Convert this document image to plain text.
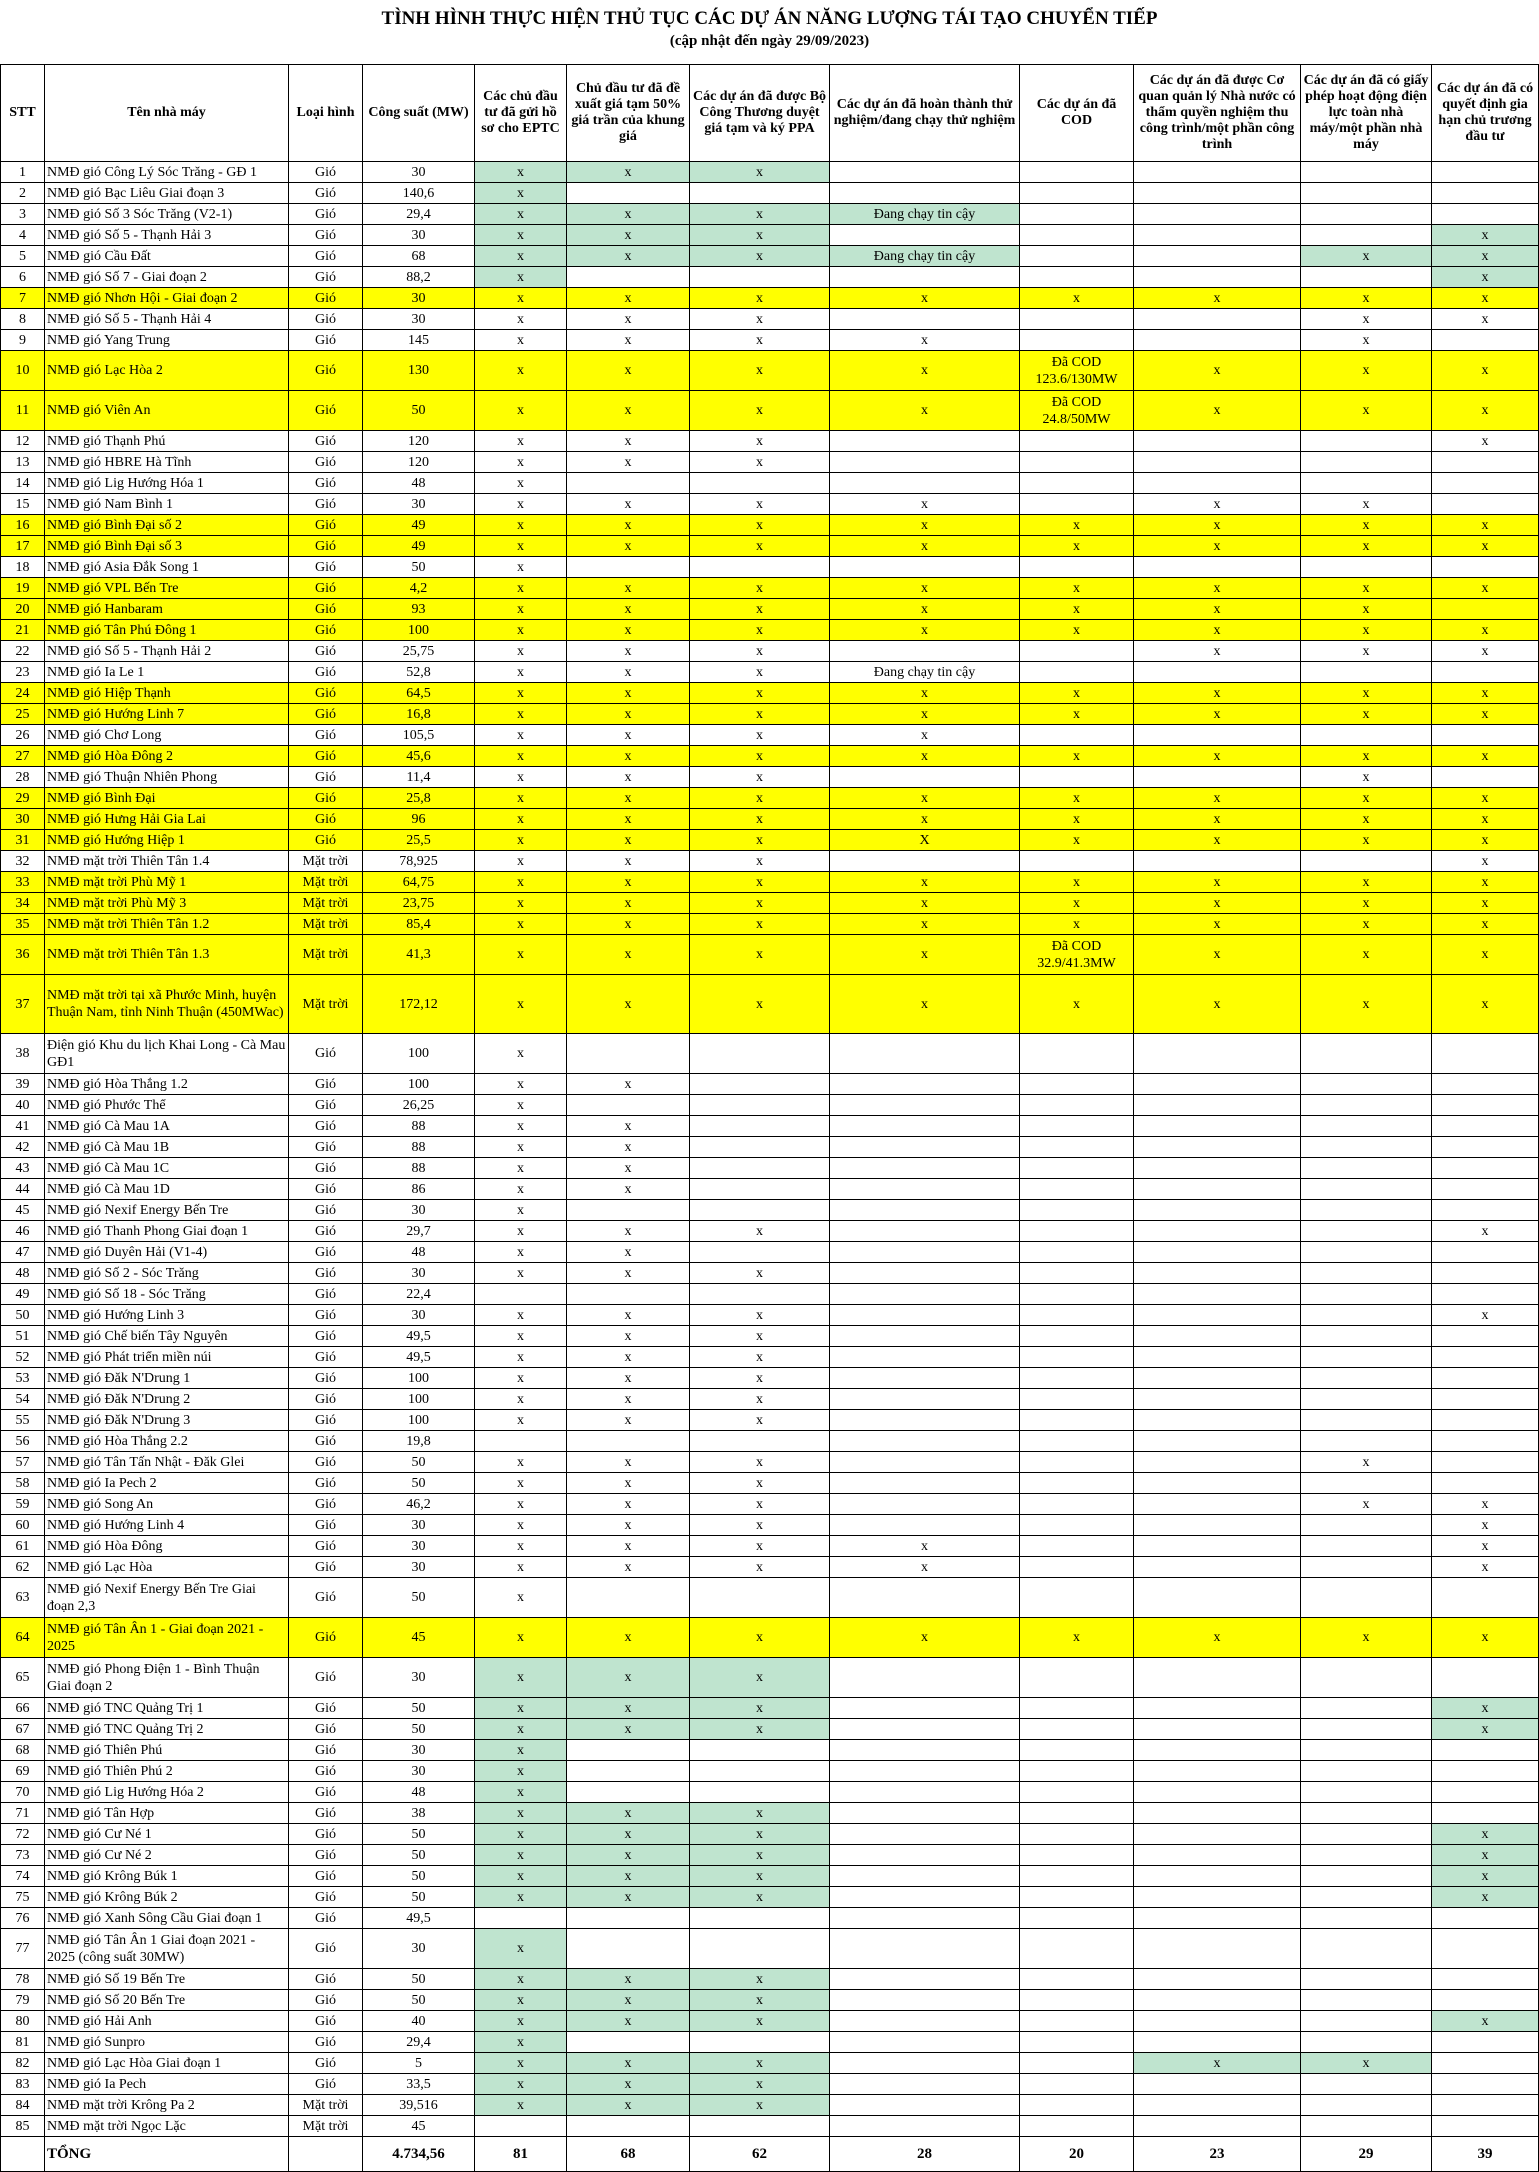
TÌNH HÌNH THỰC HIỆN THỦ TỤC CÁC DỰ ÁN NĂNG LƯỢNG TÁI TẠO CHUYỂN TIẾP
(cập nhật đến ngày 29/09/2023)
STT	Tên nhà máy	Loại hình	Công suất (MW)	Các chủ đầu tư đã gửi hồ sơ cho EPTC	Chủ đầu tư đã đề xuất giá tạm 50% giá trần của khung giá	Các dự án đã được Bộ Công Thương duyệt giá tạm và ký PPA	Các dự án đã hoàn thành thử nghiệm/đang chạy thử nghiệm	Các dự án đã COD	Các dự án đã được Cơ quan quản lý Nhà nước có thẩm quyền nghiệm thu công trình/một phần công trình	Các dự án đã có giấy phép hoạt động điện lực toàn nhà máy/một phần nhà máy	Các dự án đã có quyết định gia hạn chủ trương đầu tư
1	NMĐ gió Công Lý Sóc Trăng - GĐ 1	Gió	30	x	x	x					
2	NMĐ gió Bạc Liêu Giai đoạn 3	Gió	140,6	x							
3	NMĐ gió Số 3 Sóc Trăng (V2-1)	Gió	29,4	x	x	x	Đang chạy tin cậy				
4	NMĐ gió Số 5 - Thạnh Hải 3	Gió	30	x	x	x					x
5	NMĐ gió Cầu Đất	Gió	68	x	x	x	Đang chạy tin cậy			x	x
6	NMĐ gió Số 7 - Giai đoạn 2	Gió	88,2	x							x
7	NMĐ gió Nhơn Hội - Giai đoạn 2	Gió	30	x	x	x	x	x	x	x	x
8	NMĐ gió Số 5 - Thạnh Hải 4	Gió	30	x	x	x				x	x
9	NMĐ gió Yang Trung	Gió	145	x	x	x	x			x	
10	NMĐ gió Lạc Hòa 2	Gió	130	x	x	x	x	Đã COD 123.6/130MW	x	x	x
11	NMĐ gió Viên An	Gió	50	x	x	x	x	Đã COD 24.8/50MW	x	x	x
12	NMĐ gió Thạnh Phú	Gió	120	x	x	x					x
13	NMĐ gió HBRE Hà Tĩnh	Gió	120	x	x	x					
14	NMĐ gió Lig Hướng Hóa 1	Gió	48	x							
15	NMĐ gió Nam Bình 1	Gió	30	x	x	x	x		x	x	
16	NMĐ gió Bình Đại số 2	Gió	49	x	x	x	x	x	x	x	x
17	NMĐ gió Bình Đại số 3	Gió	49	x	x	x	x	x	x	x	x
18	NMĐ gió Asia Đắk Song 1	Gió	50	x							
19	NMĐ gió VPL Bến Tre	Gió	4,2	x	x	x	x	x	x	x	x
20	NMĐ gió Hanbaram	Gió	93	x	x	x	x	x	x	x	
21	NMĐ gió Tân Phú Đông 1	Gió	100	x	x	x	x	x	x	x	x
22	NMĐ gió Số 5 - Thạnh Hải 2	Gió	25,75	x	x	x			x	x	x
23	NMĐ gió Ia Le 1	Gió	52,8	x	x	x	Đang chạy tin cậy				
24	NMĐ gió Hiệp Thạnh	Gió	64,5	x	x	x	x	x	x	x	x
25	NMĐ gió Hướng Linh 7	Gió	16,8	x	x	x	x	x	x	x	x
26	NMĐ gió Chơ Long	Gió	105,5	x	x	x	x				
27	NMĐ gió Hòa Đông 2	Gió	45,6	x	x	x	x	x	x	x	x
28	NMĐ gió Thuận Nhiên Phong	Gió	11,4	x	x	x				x	
29	NMĐ gió Bình Đại	Gió	25,8	x	x	x	x	x	x	x	x
30	NMĐ gió Hưng Hải Gia Lai	Gió	96	x	x	x	x	x	x	x	x
31	NMĐ gió Hướng Hiệp 1	Gió	25,5	x	x	x	X	x	x	x	x
32	NMĐ mặt trời Thiên Tân 1.4	Mặt trời	78,925	x	x	x					x
33	NMĐ mặt trời Phù Mỹ 1	Mặt trời	64,75	x	x	x	x	x	x	x	x
34	NMĐ mặt trời Phù Mỹ 3	Mặt trời	23,75	x	x	x	x	x	x	x	x
35	NMĐ mặt trời Thiên Tân 1.2	Mặt trời	85,4	x	x	x	x	x	x	x	x
36	NMĐ mặt trời Thiên Tân 1.3	Mặt trời	41,3	x	x	x	x	Đã COD 32.9/41.3MW	x	x	x
37	NMĐ mặt trời tại xã Phước Minh, huyện Thuận Nam, tỉnh Ninh Thuận (450MWac)	Mặt trời	172,12	x	x	x	x	x	x	x	x
38	Điện gió Khu du lịch Khai Long - Cà Mau GĐ1	Gió	100	x							
39	NMĐ gió Hòa Thắng 1.2	Gió	100	x	x						
40	NMĐ gió Phước Thể	Gió	26,25	x							
41	NMĐ gió Cà Mau 1A	Gió	88	x	x						
42	NMĐ gió Cà Mau 1B	Gió	88	x	x						
43	NMĐ gió Cà Mau 1C	Gió	88	x	x						
44	NMĐ gió Cà Mau 1D	Gió	86	x	x						
45	NMĐ gió Nexif Energy Bến Tre	Gió	30	x							
46	NMĐ gió Thanh Phong Giai đoạn 1	Gió	29,7	x	x	x					x
47	NMĐ gió Duyên Hải (V1-4)	Gió	48	x	x						
48	NMĐ gió Số 2 - Sóc Trăng	Gió	30	x	x	x					
49	NMĐ gió Số 18 - Sóc Trăng	Gió	22,4								
50	NMĐ gió Hướng Linh 3	Gió	30	x	x	x					x
51	NMĐ gió Chế biến Tây Nguyên	Gió	49,5	x	x	x					
52	NMĐ gió Phát triển miền núi	Gió	49,5	x	x	x					
53	NMĐ gió Đăk N'Drung 1	Gió	100	x	x	x					
54	NMĐ gió Đăk N'Drung 2	Gió	100	x	x	x					
55	NMĐ gió Đăk N'Drung 3	Gió	100	x	x	x					
56	NMĐ gió Hòa Thắng 2.2	Gió	19,8								
57	NMĐ gió Tân Tấn Nhật - Đăk Glei	Gió	50	x	x	x				x	
58	NMĐ gió Ia Pech 2	Gió	50	x	x	x					
59	NMĐ gió Song An	Gió	46,2	x	x	x				x	x
60	NMĐ gió Hướng Linh 4	Gió	30	x	x	x					x
61	NMĐ gió Hòa Đông	Gió	30	x	x	x	x				x
62	NMĐ gió Lạc Hòa	Gió	30	x	x	x	x				x
63	NMĐ gió Nexif Energy Bến Tre Giai đoạn 2,3	Gió	50	x							
64	NMĐ gió Tân Ân 1 - Giai đoạn 2021 - 2025	Gió	45	x	x	x	x	x	x	x	x
65	NMĐ gió Phong Điện 1 - Bình Thuận Giai đoạn 2	Gió	30	x	x	x					
66	NMĐ gió TNC Quảng Trị 1	Gió	50	x	x	x					x
67	NMĐ gió TNC Quảng Trị 2	Gió	50	x	x	x					x
68	NMĐ gió Thiên Phú	Gió	30	x							
69	NMĐ gió Thiên Phú 2	Gió	30	x							
70	NMĐ gió Lig Hướng Hóa 2	Gió	48	x							
71	NMĐ gió Tân Hợp	Gió	38	x	x	x					
72	NMĐ gió Cư Né 1	Gió	50	x	x	x					x
73	NMĐ gió Cư Né 2	Gió	50	x	x	x					x
74	NMĐ gió Krông Búk 1	Gió	50	x	x	x					x
75	NMĐ gió Krông Búk 2	Gió	50	x	x	x					x
76	NMĐ gió Xanh Sông Cầu Giai đoạn 1	Gió	49,5								
77	NMĐ gió Tân Ân 1 Giai đoạn 2021 - 2025 (công suất 30MW)	Gió	30	x							
78	NMĐ gió Số 19 Bến Tre	Gió	50	x	x	x					
79	NMĐ gió Số 20 Bến Tre	Gió	50	x	x	x					
80	NMĐ gió Hải Anh	Gió	40	x	x	x					x
81	NMĐ gió Sunpro	Gió	29,4	x							
82	NMĐ gió Lạc Hòa Giai đoạn 1	Gió	5	x	x	x			x	x	
83	NMĐ gió Ia Pech	Gió	33,5	x	x	x					
84	NMĐ mặt trời Krông Pa 2	Mặt trời	39,516	x	x	x					
85	NMĐ mặt trời Ngọc Lặc	Mặt trời	45								
	TỔNG		4.734,56	81	68	62	28	20	23	29	39
